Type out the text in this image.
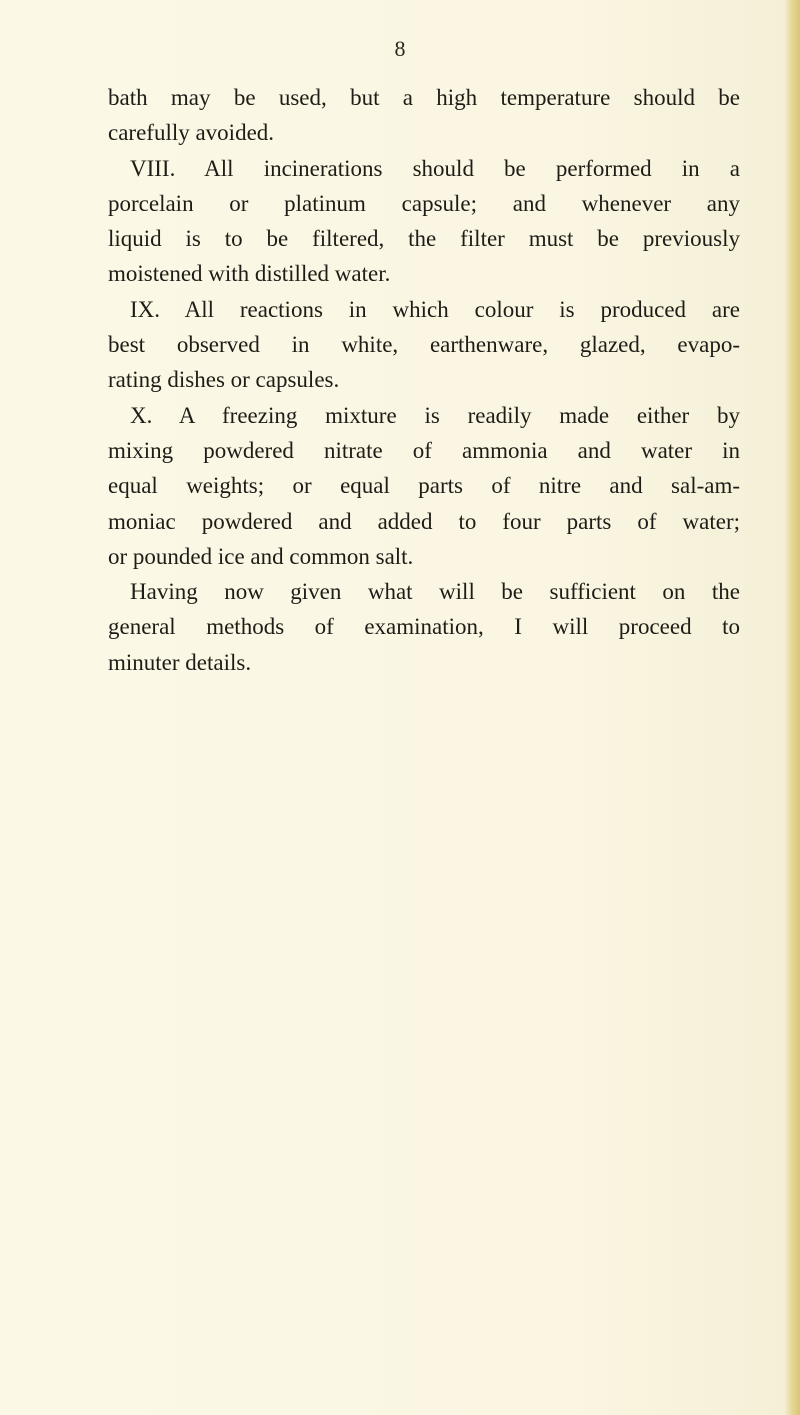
8
bath may be used, but a high temperature should be
carefully avoided.
VIII. All incinerations should be performed in a
porcelain or platinum capsule; and whenever any
liquid is to be filtered, the filter must be previously
moistened with distilled water.
IX. All reactions in which colour is produced are
best observed in white, earthenware, glazed, evapo-
rating dishes or capsules.
X. A freezing mixture is readily made either by
mixing powdered nitrate of ammonia and water in
equal weights; or equal parts of nitre and sal-am-
moniac powdered and added to four parts of water;
or pounded ice and common salt.
Having now given what will be sufficient on the
general methods of examination, I will proceed to
minuter details.
